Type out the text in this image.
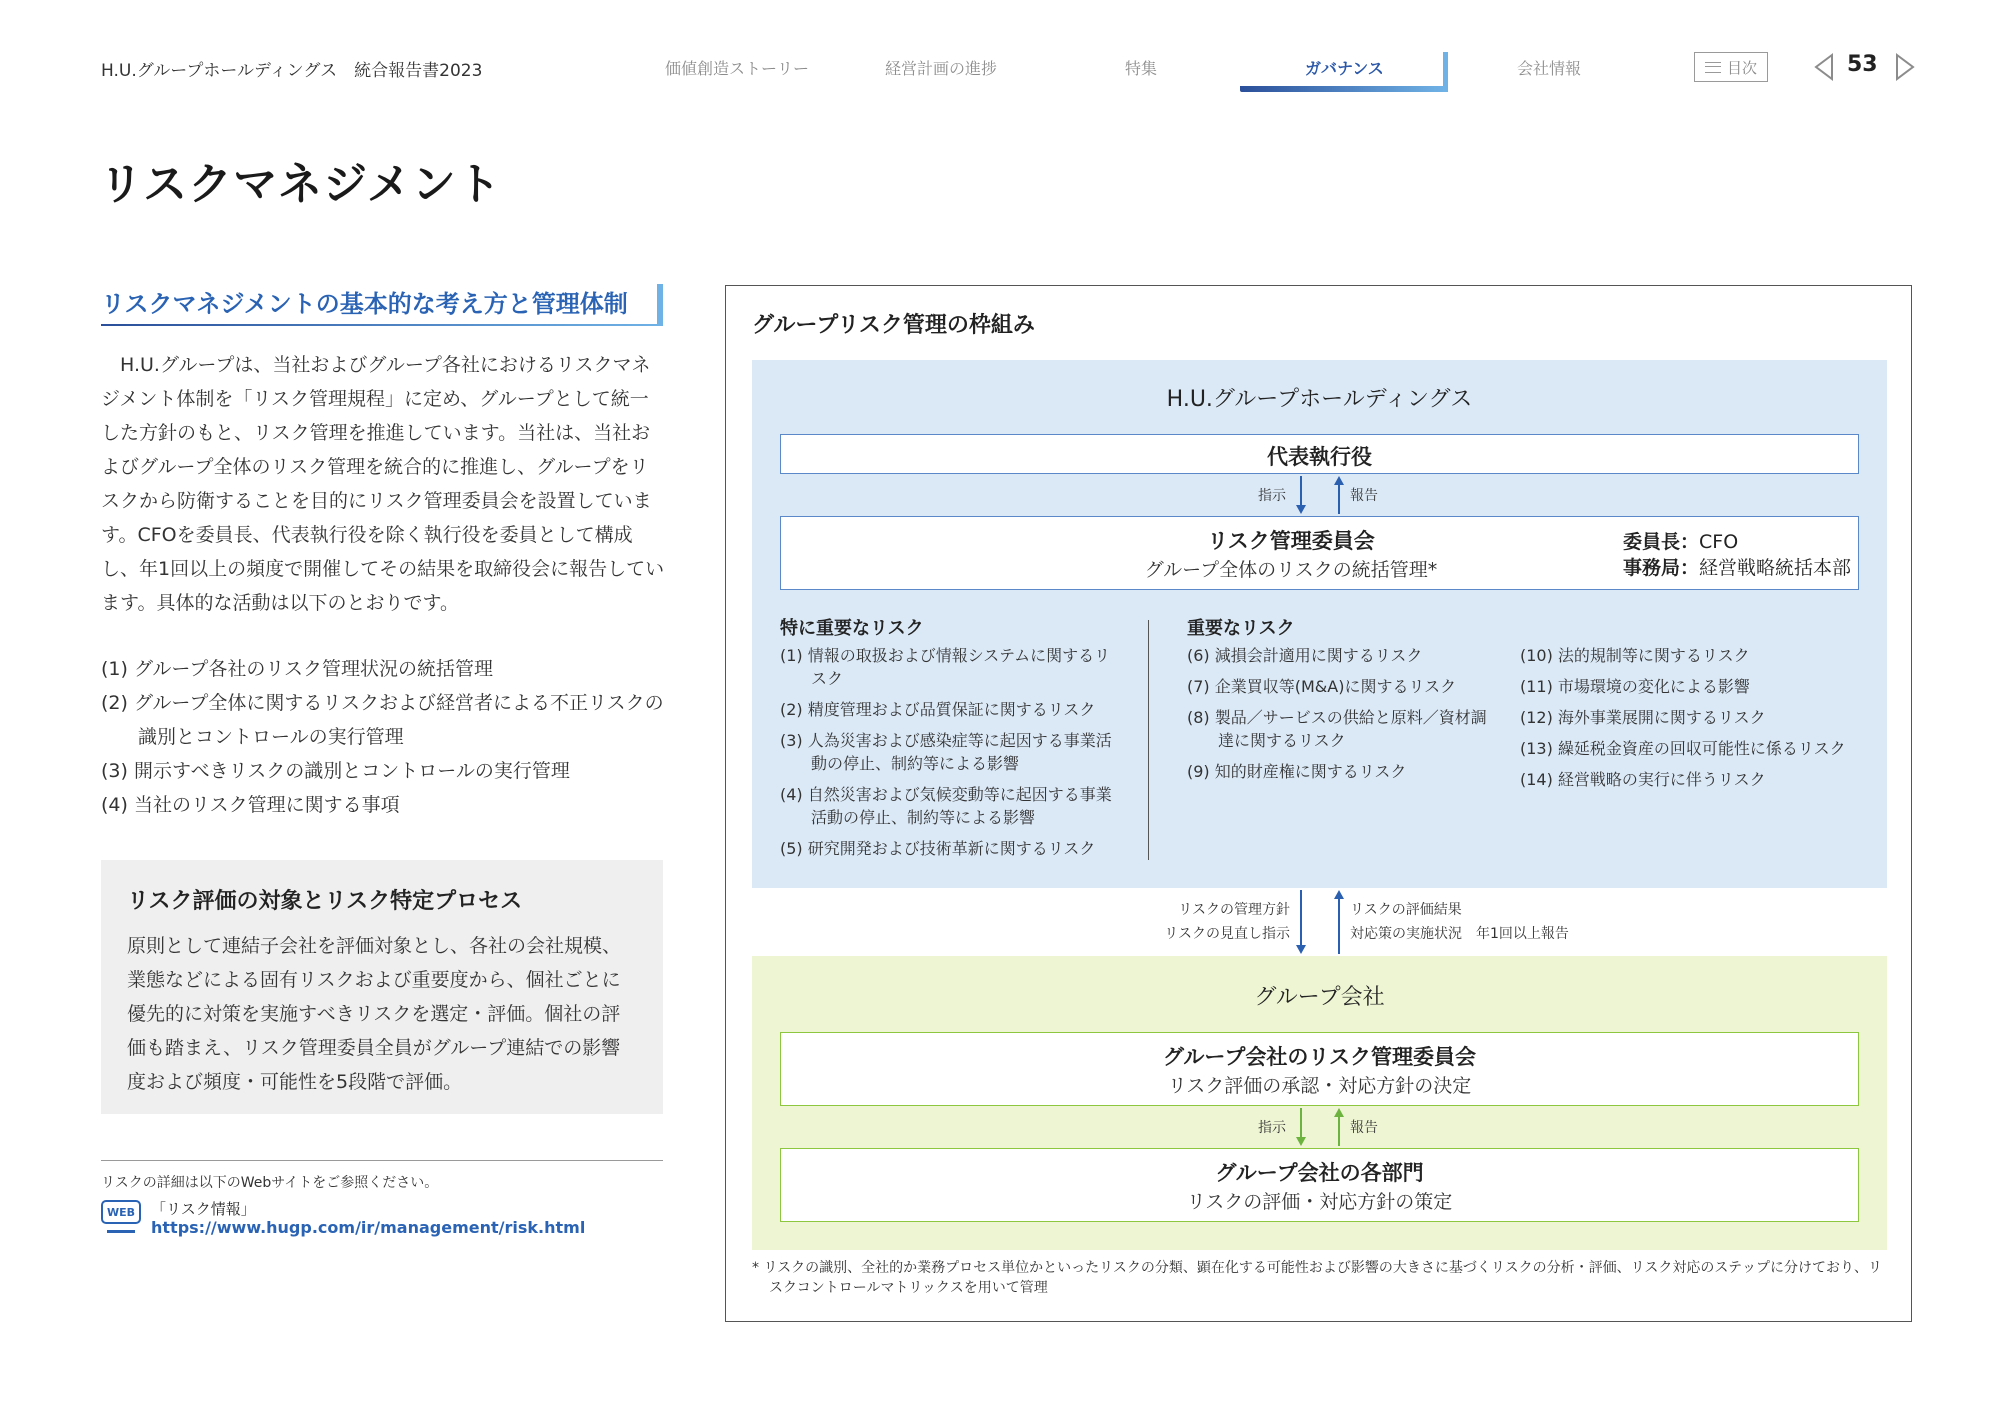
H.U.グループホールディングス　統合報告書2023	価値創造ストーリー	経営計画の進捗	特集	ガバナンス	会社情報	目次	53
リスクマネジメント
リスクマネジメントの基本的な考え方と管理体制
H.U.グループは、当社およびグループ各社におけるリスクマネジメント体制を「リスク管理規程」に定め、グループとして統一した方針のもと、リスク管理を推進しています。当社は、当社およびグループ全体のリスク管理を統合的に推進し、グループをリスクから防衛することを目的にリスク管理委員会を設置しています。CFOを委員長、代表執行役を除く執行役を委員として構成し、年1回以上の頻度で開催してその結果を取締役会に報告しています。具体的な活動は以下のとおりです。
(1) グループ各社のリスク管理状況の統括管理
(2) グループ全体に関するリスクおよび経営者による不正リスクの識別とコントロールの実行管理
(3) 開示すべきリスクの識別とコントロールの実行管理
(4) 当社のリスク管理に関する事項
リスク評価の対象とリスク特定プロセス
原則として連結子会社を評価対象とし、各社の会社規模、業態などによる固有リスクおよび重要度から、個社ごとに優先的に対策を実施すべきリスクを選定・評価。個社の評価も踏まえ、リスク管理委員全員がグループ連結での影響度および頻度・可能性を5段階で評価。
リスクの詳細は以下のWebサイトをご参照ください。
WEB	「リスク情報」
https://www.hugp.com/ir/management/risk.html
グループリスク管理の枠組み
H.U.グループホールディングス
代表執行役
指示	報告
リスク管理委員会
グループ全体のリスクの統括管理*
委員長：CFO
事務局：経営戦略統括本部
特に重要なリスク
(1) 情報の取扱および情報システムに関するリスク
(2) 精度管理および品質保証に関するリスク
(3) 人為災害および感染症等に起因する事業活動の停止、制約等による影響
(4) 自然災害および気候変動等に起因する事業活動の停止、制約等による影響
(5) 研究開発および技術革新に関するリスク
重要なリスク
(6) 減損会計適用に関するリスク
(7) 企業買収等(M&A)に関するリスク
(8) 製品／サービスの供給と原料／資材調達に関するリスク
(9) 知的財産権に関するリスク
(10) 法的規制等に関するリスク
(11) 市場環境の変化による影響
(12) 海外事業展開に関するリスク
(13) 繰延税金資産の回収可能性に係るリスク
(14) 経営戦略の実行に伴うリスク
リスクの管理方針
リスクの見直し指示
リスクの評価結果
対応策の実施状況　年1回以上報告
グループ会社
グループ会社のリスク管理委員会
リスク評価の承認・対応方針の決定
指示	報告
グループ会社の各部門
リスクの評価・対応方針の策定
* リスクの識別、全社的か業務プロセス単位かといったリスクの分類、顕在化する可能性および影響の大きさに基づくリスクの分析・評価、リスク対応のステップに分けており、リスクコントロールマトリックスを用いて管理
